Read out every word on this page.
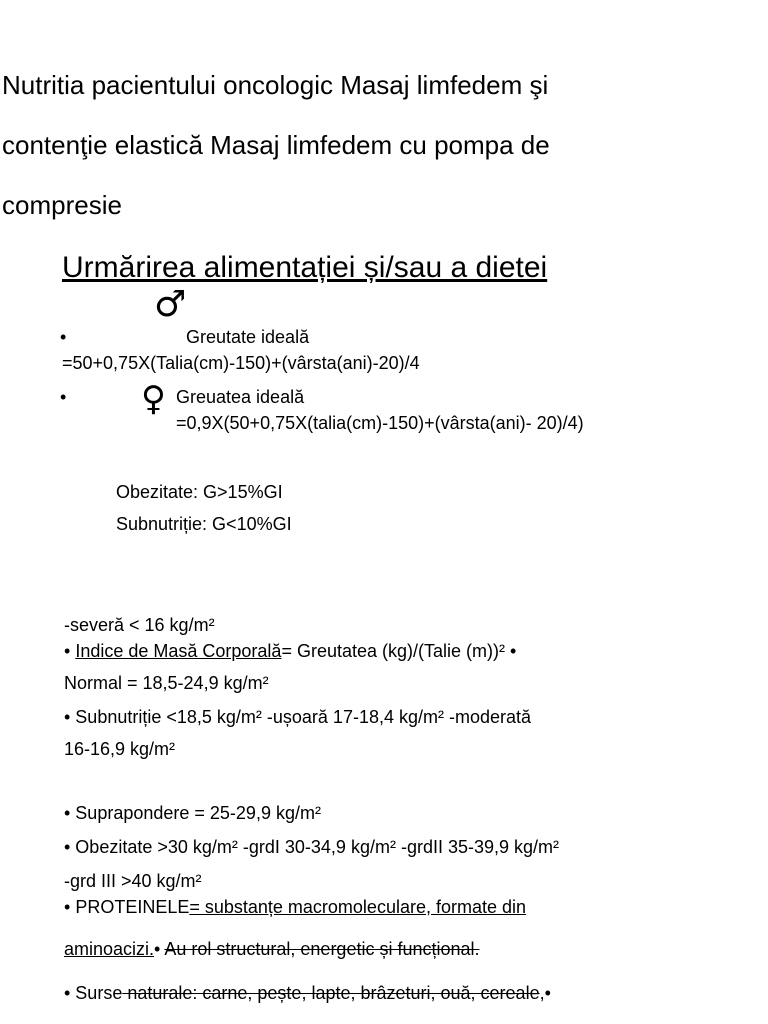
Nutritia pacientului oncologic Masaj limfedem şi
contenţie elastică Masaj limfedem cu pompa de
compresie
Urmărirea alimentației și/sau a dietei
♂
•	Greutate ideală
=50+0,75X(Talia(cm)-150)+(vârsta(ani)-20)/4
• ♀ Greuatea ideală
=0,9X(50+0,75X(talia(cm)-150)+(vârsta(ani)- 20)/4)
Obezitate: G>15%GI
Subnutriție: G<10%GI
-severă < 16 kg/m²
• Indice de Masă Corporală= Greutatea (kg)/(Talie (m))² •
Normal = 18,5-24,9 kg/m²
• Subnutriție <18,5 kg/m² -ușoară 17-18,4 kg/m² -moderată
16-16,9 kg/m²
• Suprapondere = 25-29,9 kg/m²
• Obezitate >30 kg/m² -grdI 30-34,9 kg/m² -grdII 35-39,9 kg/m²
-grd III >40 kg/m²
• PROTEINELE= substanțe macromoleculare, formate din
aminoacizi.• Au rol structural, energetic și funcțional.
• Surse naturale: carne, pește, lapte, brâzeturi, ouă, cereale,•
